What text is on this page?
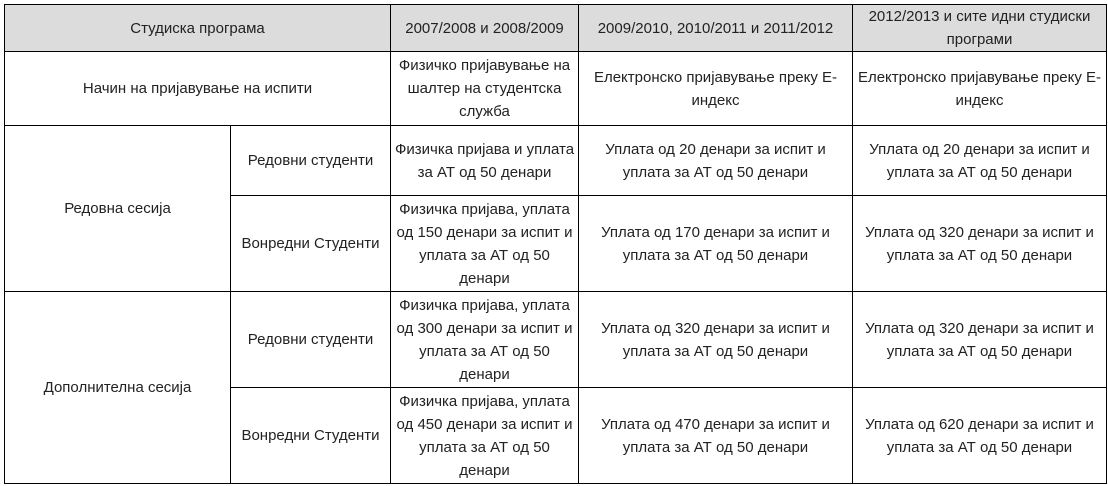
Студиска програма		2007/2008 и 2008/2009	2009/2010, 2010/2011 и 2011/2012	2012/2013 и сите идни студиски програми
Начин на пријавување на испити		Физичко пријавување на шалтер на студентска служба	Електронско пријавување преку Е-индекс	Електронско пријавување преку Е-индекс
Редовна сесија	Редовни студенти	Физичка пријава и уплата за АТ од 50 денари	Уплата од 20 денари за испит и уплата за АТ од 50 денари	Уплата од 20 денари за испит и уплата за АТ од 50 денари
	Вонредни Студенти	Физичка пријава, уплата од 150 денари за испит и уплата за АТ од 50 денари	Уплата од 170 денари за испит и уплата за АТ од 50 денари	Уплата од 320 денари за испит и уплата за АТ од 50 денари
Дополнителна сесија	Редовни студенти	Физичка пријава, уплата од 300 денари за испит и уплата за АТ од 50 денари	Уплата од 320 денари за испит и уплата за АТ од 50 денари	Уплата од 320 денари за испит и уплата за АТ од 50 денари
	Вонредни Студенти	Физичка пријава, уплата од 450 денари за испит и уплата за АТ од 50 денари	Уплата од 470 денари за испит и уплата за АТ од 50 денари	Уплата од 620 денари за испит и уплата за АТ од 50 денари
